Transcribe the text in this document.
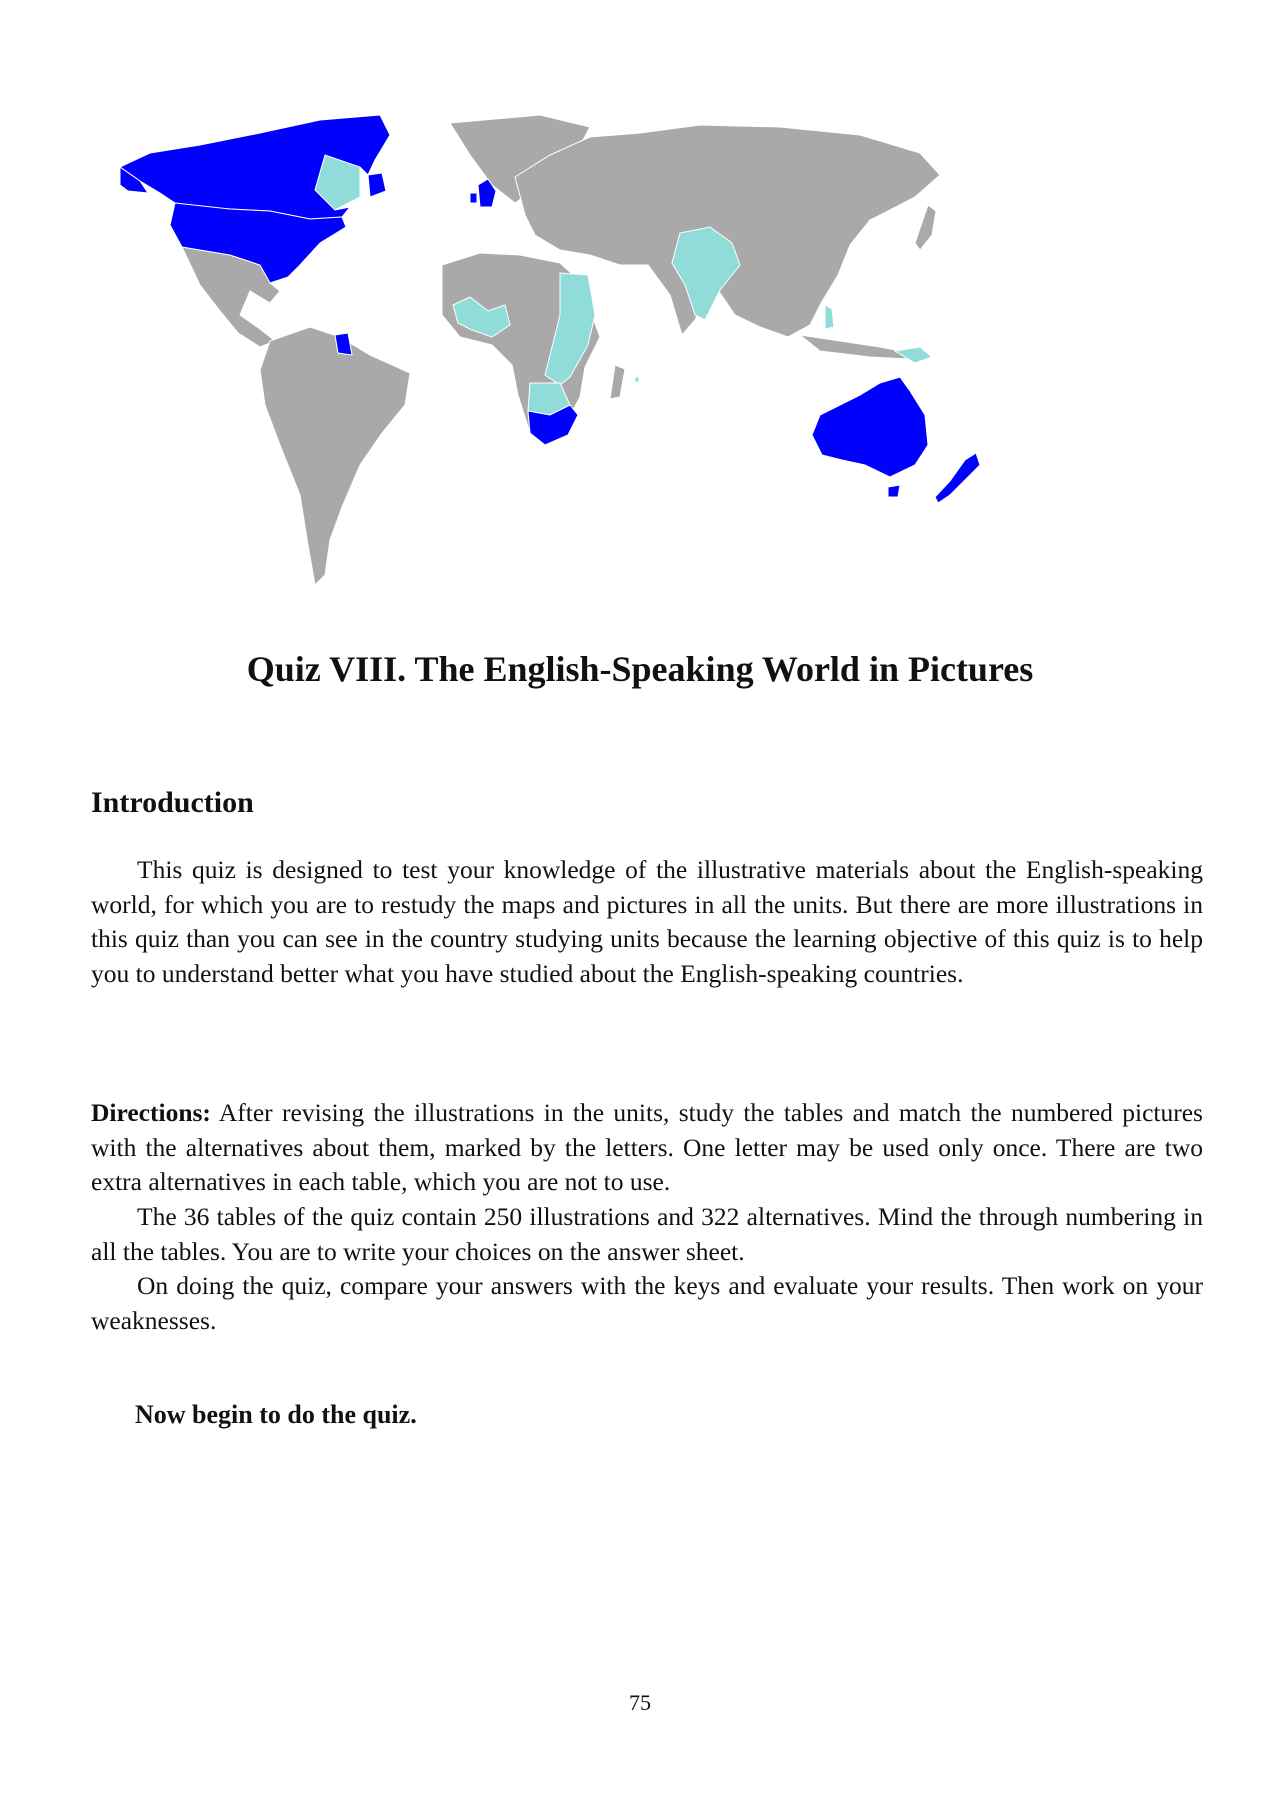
Quiz VIII. The English-Speaking World in Pictures
Introduction

This quiz is designed to test your knowledge of the illustrative materials about the English-speaking world, for which you are to restudy the maps and pictures in all the units. But there are more illustrations in this quiz than you can see in the country studying units because the learning objective of this quiz is to help you to understand better what you have studied about the English-speaking countries.

Directions: After revising the illustrations in the units, study the tables and match the numbered pictures with the alternatives about them, marked by the letters. One letter may be used only once. There are two extra alternatives in each table, which you are not to use.

The 36 tables of the quiz contain 250 illustrations and 322 alternatives. Mind the through numbering in all the tables. You are to write your choices on the answer sheet.

On doing the quiz, compare your answers with the keys and evaluate your results. Then work on your weaknesses.

Now begin to do the quiz.
75
